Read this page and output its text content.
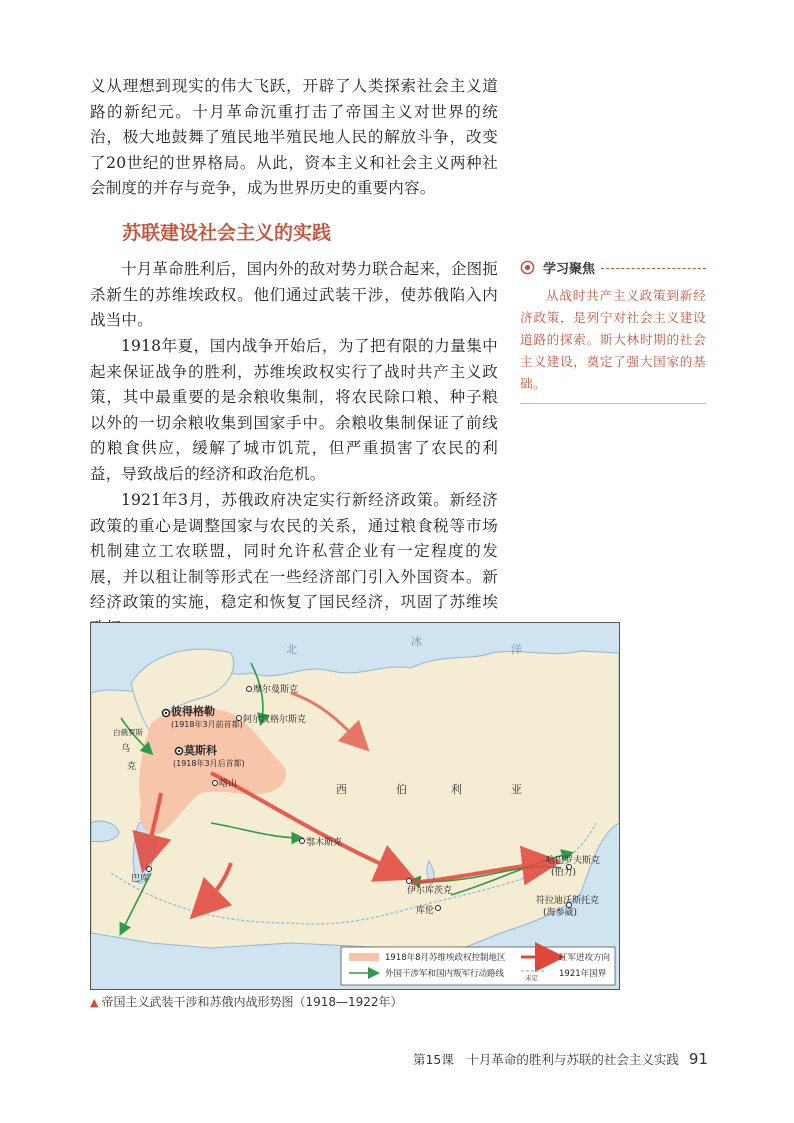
义从理想到现实的伟大飞跃，开辟了人类探索社会主义道路的新纪元。十月革命沉重打击了帝国主义对世界的统治，极大地鼓舞了殖民地半殖民地人民的解放斗争，改变了20世纪的世界格局。从此，资本主义和社会主义两种社会制度的并存与竞争，成为世界历史的重要内容。

苏联建设社会主义的实践

十月革命胜利后，国内外的敌对势力联合起来，企图扼杀新生的苏维埃政权。他们通过武装干涉，使苏俄陷入内战当中。

1918年夏，国内战争开始后，为了把有限的力量集中起来保证战争的胜利，苏维埃政权实行了战时共产主义政策，其中最重要的是余粮收集制，将农民除口粮、种子粮以外的一切余粮收集到国家手中。余粮收集制保证了前线的粮食供应，缓解了城市饥荒，但严重损害了农民的利益，导致战后的经济和政治危机。

1921年3月，苏俄政府决定实行新经济政策。新经济政策的重心是调整国家与农民的关系，通过粮食税等市场机制建立工农联盟，同时允许私营企业有一定程度的发展，并以租让制等形式在一些经济部门引入外国资本。新经济政策的实施，稳定和恢复了国民经济，巩固了苏维埃

学习聚焦

从战时共产主义政策到新经济政策，是列宁对社会主义建设道路的探索。斯大林时期的社会主义建设，奠定了强大国家的基础。

北
冰
洋
西	伯	利	亚
摩尔曼斯克
阿尔汉格尔斯克
彼得格勒
(1918年3月前首都)
莫斯科
(1918年3月后首都)
喀山
鄂木斯克
伊尔库茨克
库伦
哈巴罗夫斯克
(伯力)
符拉迪沃斯托克
(海参崴)
巴库
白俄罗斯
乌
克
1918年8月苏维埃政权控制地区	红军进攻方向
外国干涉军和国内叛军行动路线	未定 1921年国界
▲ 帝国主义武装干涉和苏俄内战形势图（1918—1922年）
第15课　十月革命的胜利与苏联的社会主义实践 91
